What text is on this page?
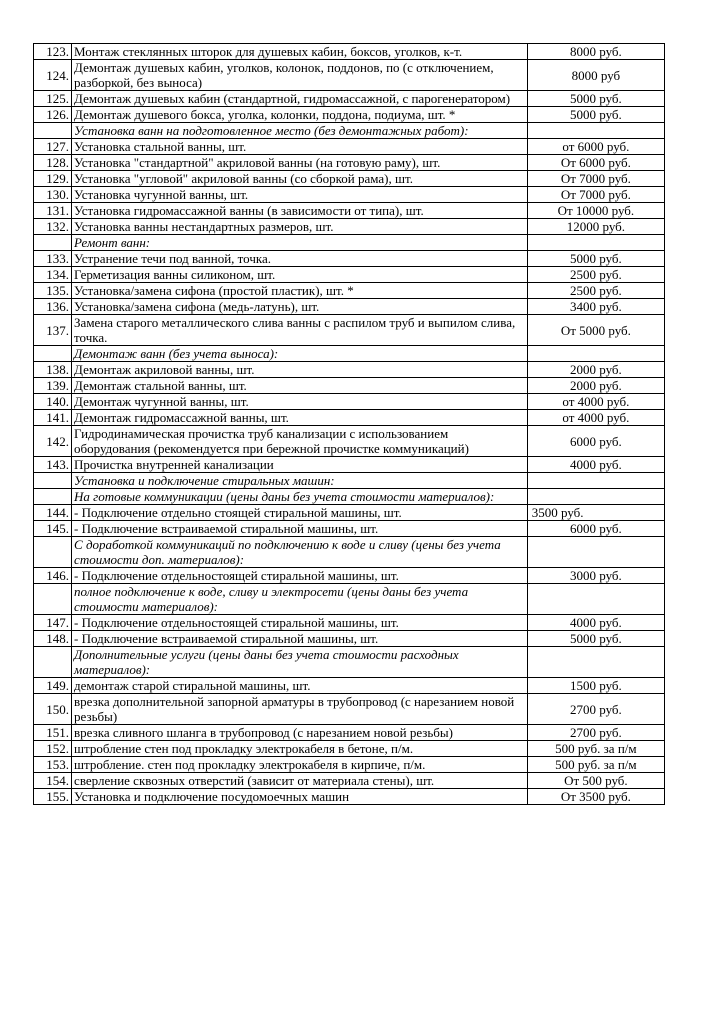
123.	Монтаж стеклянных шторок для душевых кабин, боксов, уголков, к-т.	8000 руб.
124.	Демонтаж душевых кабин, уголков, колонок, поддонов, по (с отключением, разборкой, без выноса)	8000 руб
125.	Демонтаж душевых кабин (стандартной, гидромассажной, с парогенератором)	5000 руб.
126.	Демонтаж душевого бокса, уголка, колонки, поддона, подиума, шт. *	5000 руб.
	Установка ванн на подготовленное место (без демонтажных работ):	
127.	Установка стальной ванны, шт.	от 6000 руб.
128.	Установка "стандартной" акриловой ванны (на готовую раму), шт.	От 6000 руб.
129.	Установка "угловой" акриловой ванны (со сборкой рама), шт.	От 7000 руб.
130.	Установка чугунной ванны, шт.	От 7000 руб.
131.	Установка гидромассажной ванны (в зависимости от типа), шт.	От 10000 руб.
132.	Установка ванны нестандартных размеров, шт.	12000 руб.
	Ремонт ванн:	
133.	Устранение течи под ванной, точка.	5000 руб.
134.	Герметизация ванны силиконом, шт.	2500 руб.
135.	Установка/замена сифона (простой пластик), шт. *	2500 руб.
136.	Установка/замена сифона (медь-латунь), шт.	3400 руб.
137.	Замена старого металлического слива ванны с распилом труб и выпилом слива, точка.	От 5000 руб.
	Демонтаж ванн (без учета выноса):	
138.	Демонтаж акриловой ванны, шт.	2000 руб.
139.	Демонтаж стальной ванны, шт.	2000 руб.
140.	Демонтаж чугунной ванны, шт.	от 4000 руб.
141.	Демонтаж гидромассажной ванны, шт.	от 4000 руб.
142.	Гидродинамическая прочистка труб канализации с использованием оборудования (рекомендуется при бережной прочистке коммуникаций)	6000 руб.
143.	Прочистка внутренней канализации	4000 руб.
	Установка и подключение стиральных машин:	
	На готовые коммуникации (цены даны без учета стоимости материалов):	
144.	- Подключение отдельно стоящей стиральной машины, шт.	3500 руб.
145.	- Подключение встраиваемой стиральной машины, шт.	6000 руб.
	С доработкой коммуникаций по подключению к воде и сливу (цены без учета стоимости доп. материалов):	
146.	- Подключение отдельностоящей стиральной машины, шт.	3000 руб.
	полное подключение к воде, сливу и электросети (цены даны без учета стоимости материалов):	
147.	- Подключение отдельностоящей стиральной машины, шт.	4000 руб.
148.	- Подключение встраиваемой стиральной машины, шт.	5000 руб.
	Дополнительные услуги (цены даны без учета стоимости расходных материалов):	
149.	демонтаж старой стиральной машины, шт.	1500 руб.
150.	врезка дополнительной запорной арматуры в трубопровод (с нарезанием новой резьбы)	2700 руб.
151.	врезка сливного шланга в трубопровод (с нарезанием новой резьбы)	2700 руб.
152.	штробление стен под прокладку электрокабеля в бетоне, п/м.	500 руб. за п/м
153.	штробление. стен под прокладку электрокабеля в кирпиче, п/м.	500 руб. за п/м
154.	сверление сквозных отверстий (зависит от материала стены), шт.	От 500 руб.
155.	Установка и подключение посудомоечных машин	От 3500 руб.
